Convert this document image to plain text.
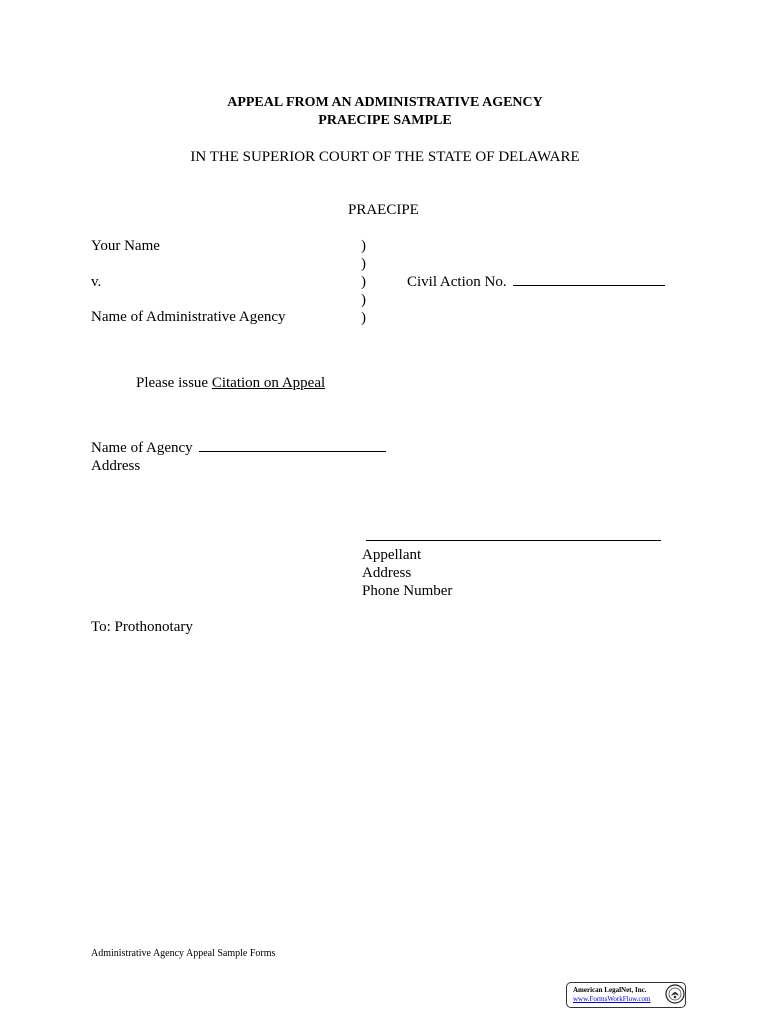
APPEAL FROM AN ADMINISTRATIVE AGENCY
PRAECIPE SAMPLE
IN THE SUPERIOR COURT OF THE STATE OF DELAWARE
PRAECIPE
Your Name
v.
Name of Administrative Agency
)
)
)
)
)
Civil Action No.
Please issue Citation on Appeal
Name of Agency
Address
Appellant
Address
Phone Number
To: Prothonotary
Administrative Agency Appeal Sample Forms
American LegalNet, Inc.
www.FormsWorkFlow.com
